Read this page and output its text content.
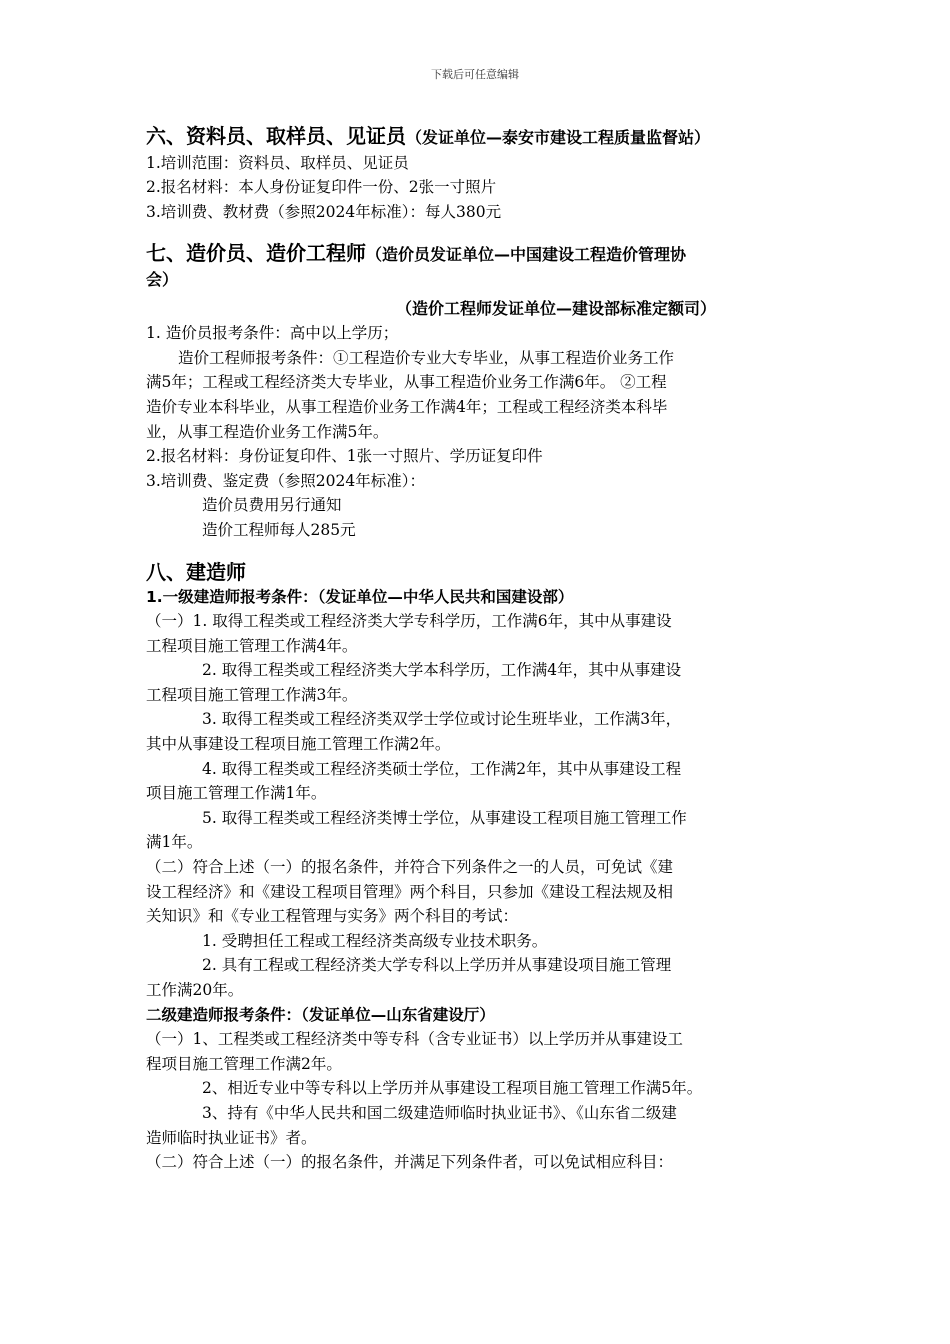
下载后可任意编辑

六、资料员、取样员、见证员（发证单位—泰安市建设工程质量监督站）

1.培训范围：资料员、取样员、见证员

2.报名材料：本人身份证复印件一份、2张一寸照片

3.培训费、教材费（参照2024年标准）：每人380元

七、造价员、造价工程师（造价员发证单位—中国建设工程造价管理协

会）

（造价工程师发证单位—建设部标准定额司）

1. 造价员报考条件：高中以上学历；

造价工程师报考条件：①工程造价专业大专毕业，从事工程造价业务工作

满5年；工程或工程经济类大专毕业，从事工程造价业务工作满6年。 ②工程

造价专业本科毕业，从事工程造价业务工作满4年；工程或工程经济类本科毕

业，从事工程造价业务工作满5年。

2.报名材料：身份证复印件、1张一寸照片、学历证复印件

3.培训费、鉴定费（参照2024年标准）：

造价员费用另行通知

造价工程师每人285元

八、建造师

1.一级建造师报考条件：（发证单位—中华人民共和国建设部）

（一）1. 取得工程类或工程经济类大学专科学历，工作满6年，其中从事建设

工程项目施工管理工作满4年。

2. 取得工程类或工程经济类大学本科学历，工作满4年，其中从事建设

工程项目施工管理工作满3年。

3. 取得工程类或工程经济类双学士学位或讨论生班毕业，工作满3年，

其中从事建设工程项目施工管理工作满2年。

4. 取得工程类或工程经济类硕士学位，工作满2年，其中从事建设工程

项目施工管理工作满1年。

5. 取得工程类或工程经济类博士学位，从事建设工程项目施工管理工作

满1年。

（二）符合上述（一）的报名条件，并符合下列条件之一的人员，可免试《建

设工程经济》和《建设工程项目管理》两个科目，只参加《建设工程法规及相

关知识》和《专业工程管理与实务》两个科目的考试：

1. 受聘担任工程或工程经济类高级专业技术职务。

2. 具有工程或工程经济类大学专科以上学历并从事建设项目施工管理

工作满20年。

二级建造师报考条件：（发证单位—山东省建设厅）

（一）1、工程类或工程经济类中等专科（含专业证书）以上学历并从事建设工

程项目施工管理工作满2年。

2、相近专业中等专科以上学历并从事建设工程项目施工管理工作满5年。

3、持有《中华人民共和国二级建造师临时执业证书》、《山东省二级建

造师临时执业证书》者。

（二）符合上述（一）的报名条件，并满足下列条件者，可以免试相应科目：
